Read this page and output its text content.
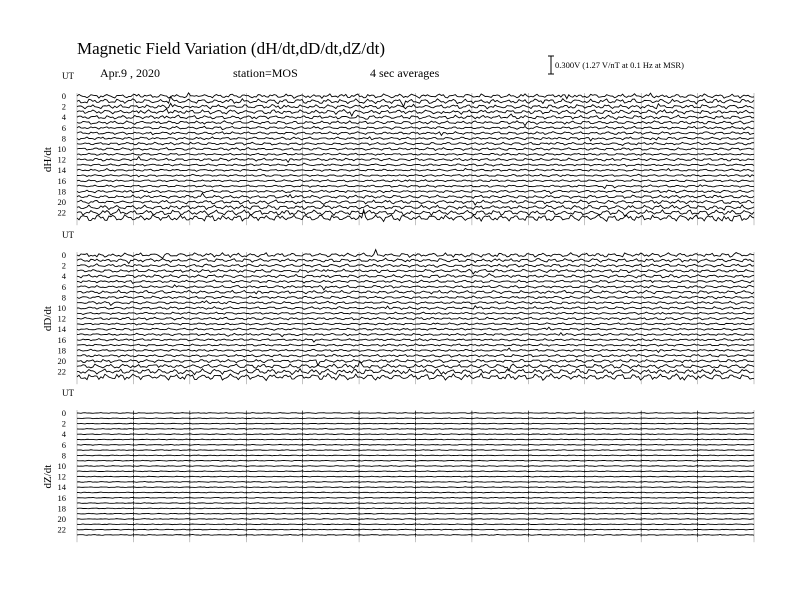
Magnetic Field Variation (dH/dt,dD/dt,dZ/dt)
Apr.9 , 2020	station=MOS	4 sec averages
0.300V (1.27 V/nT at 0.1 Hz at MSR)
UT
dH/dt
0
2
4
6
8
10
12
14
16
18
20
22
UT
dD/dt
0
2
4
6
8
10
12
14
16
18
20
22
UT
dZ/dt
0
2
4
6
8
10
12
14
16
18
20
22
